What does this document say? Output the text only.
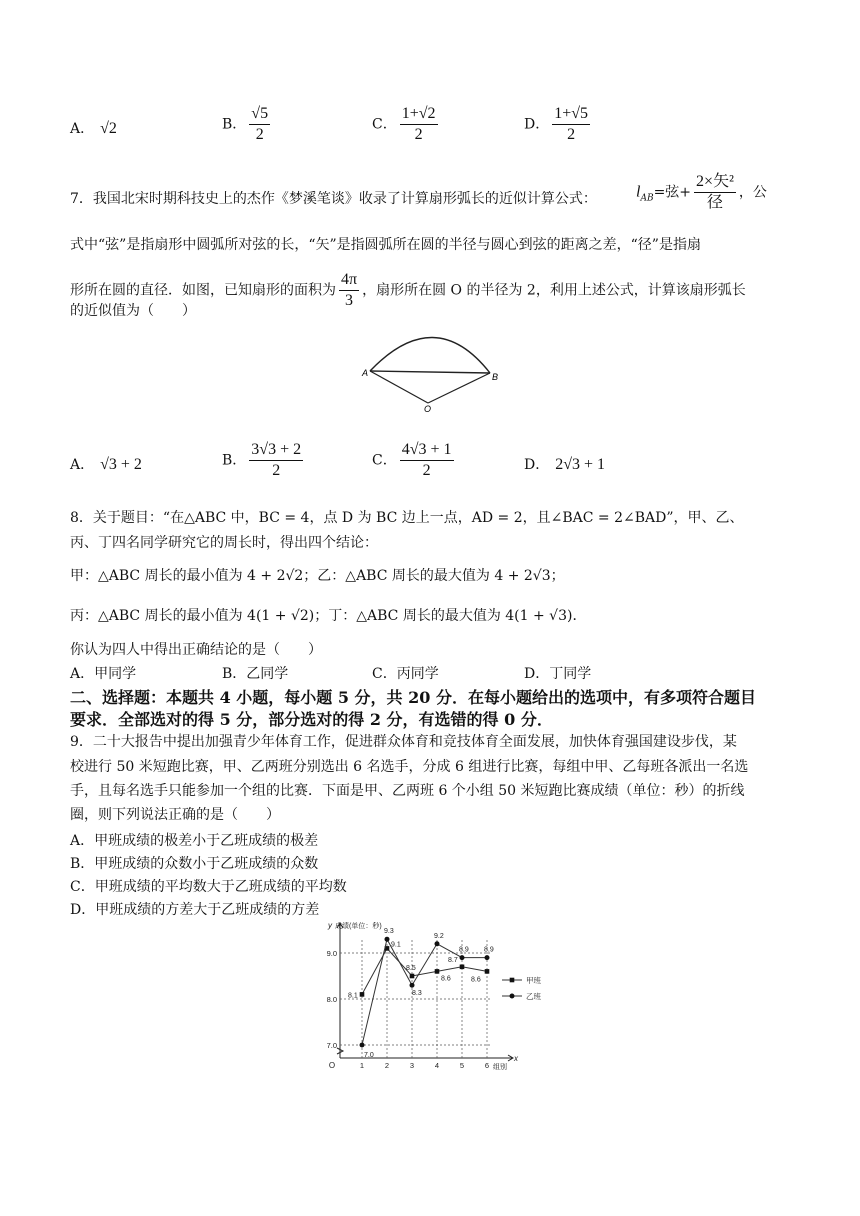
A． √2	B． $\frac{√5}{2}$	C． $\frac{1+√2}{2}$	D． $\frac{1+√5}{2}$
7．我国北宋时期科技史上的杰作《梦溪笔谈》收录了计算扇形弧长的近似计算公式： $l_{AB}=$弦+ $\frac{\text{2×矢²}}{\text{径}}$ ，公
式中“弦”是指扇形中圆弧所对弦的长，“矢”是指圆弧所在圆的半径与圆心到弦的距离之差，“径”是指扇
形所在圆的直径．如图，已知扇形的面积为 $\frac{4\pi}{3}$ ，扇形所在圆 O 的半径为 2，利用上述公式，计算该扇形弧长
的近似值为（　　）
A	B
O
A． √3 + 2	B． $\frac{3√3 + 2}{2}$	C． $\frac{4√3 + 1}{2}$	D． 2√3 + 1
8．关于题目：“在△ABC 中，BC = 4，点 D 为 BC 边上一点，AD = 2，且∠BAC = 2∠BAD”，甲、乙、
丙、丁四名同学研究它的周长时，得出四个结论：
甲：△ABC 周长的最小值为 4 + 2√2；乙：△ABC 周长的最大值为 4 + 2√3；
丙：△ABC 周长的最小值为 4(1 + √2)；丁：△ABC 周长的最大值为 4(1 + √3)．
你认为四人中得出正确结论的是（　　）
A．甲同学	B．乙同学	C．丙同学	D．丁同学
二、选择题：本题共 4 小题，每小题 5 分，共 20 分．在每小题给出的选项中，有多项符合题目
要求．全部选对的得 5 分，部分选对的得 2 分，有选错的得 0 分．
9．二十大报告中提出加强青少年体育工作，促进群众体育和竞技体育全面发展，加快体育强国建设步伐，某
校进行 50 米短跑比赛，甲、乙两班分别选出 6 名选手，分成 6 组进行比赛，每组中甲、乙每班各派出一名选
手，且每名选手只能参加一个组的比赛．下面是甲、乙两班 6 个小组 50 米短跑比赛成绩（单位：秒）的折线
圈，则下列说法正确的是（　　）
A．甲班成绩的极差小于乙班成绩的极差
B．甲班成绩的众数小于乙班成绩的众数
C．甲班成绩的平均数大于乙班成绩的平均数
D．甲班成绩的方差大于乙班成绩的方差
7.0
8.0
9.0
1	2	3	4	5	6
O
y 成绩(单位：秒)
x
组别
甲班
乙班
8.1
9.3
9.1
8.5
8.3
9.2
8.6
8.9
8.7
8.9
8.6
7.0
